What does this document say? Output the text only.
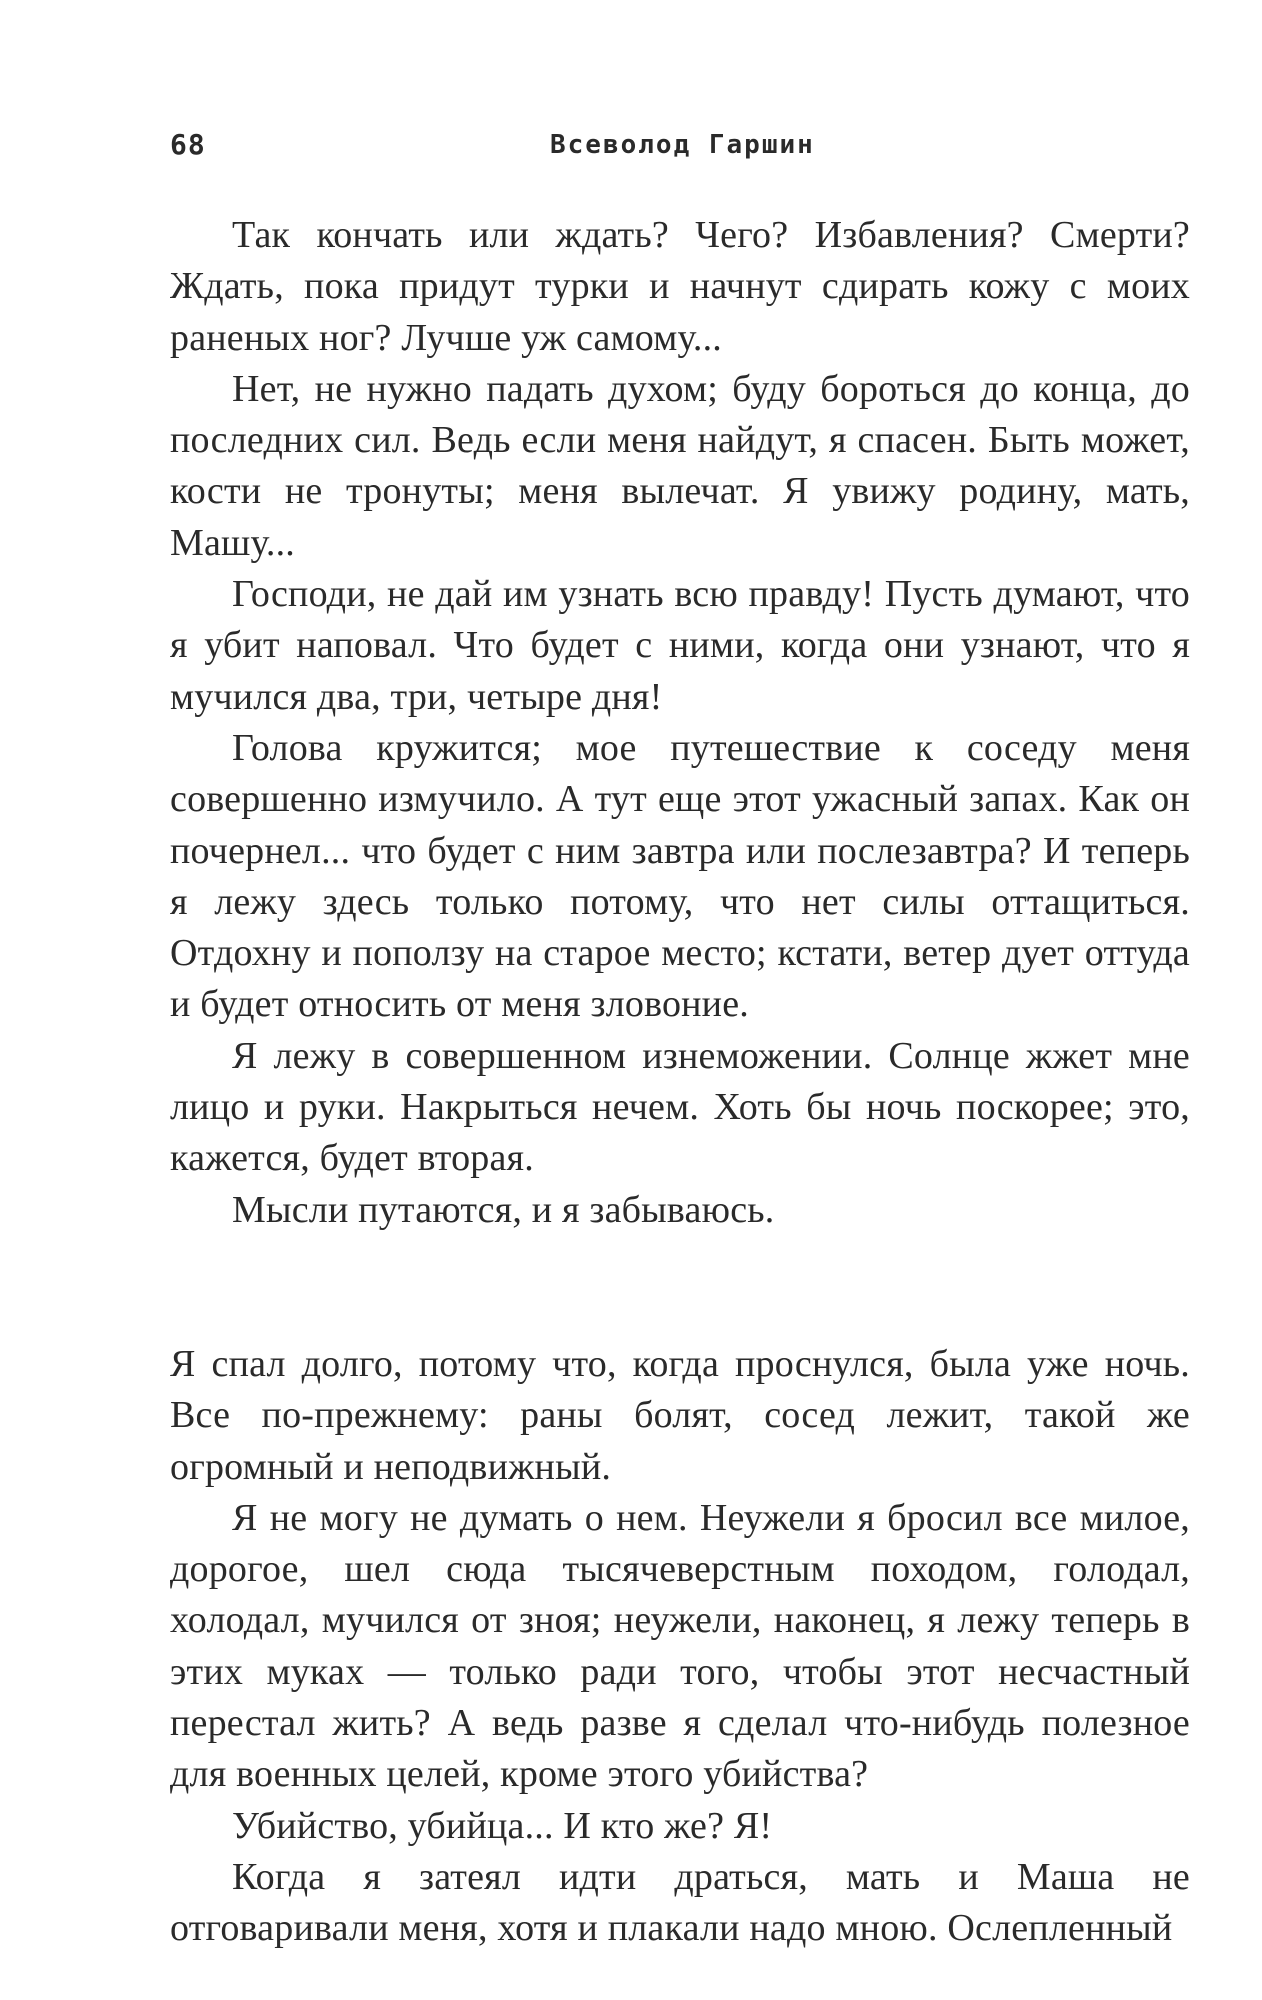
68	Всеволод Гаршин

Так кончать или ждать? Чего? Избавления? Смерти? Ждать, пока придут турки и начнут сдирать кожу с моих раненых ног? Лучше уж самому...

Нет, не нужно падать духом; буду бороться до конца, до последних сил. Ведь если меня найдут, я спасен. Быть может, кости не тронуты; меня вылечат. Я увижу родину, мать, Машу...

Господи, не дай им узнать всю правду! Пусть думают, что я убит наповал. Что будет с ними, когда они узнают, что я мучился два, три, четыре дня!

Голова кружится; мое путешествие к соседу меня совершенно измучило. А тут еще этот ужасный запах. Как он почернел... что будет с ним завтра или послезавтра? И теперь я лежу здесь только потому, что нет силы оттащиться. Отдохну и поползу на старое место; кстати, ветер дует оттуда и будет относить от меня зловоние.

Я лежу в совершенном изнеможении. Солнце жжет мне лицо и руки. Накрыться нечем. Хоть бы ночь поскорее; это, кажется, будет вторая.

Мысли путаются, и я забываюсь.

Я спал долго, потому что, когда проснулся, была уже ночь. Все по-прежнему: раны болят, сосед лежит, такой же огромный и неподвижный.

Я не могу не думать о нем. Неужели я бросил все милое, дорогое, шел сюда тысячеверстным походом, голодал, холодал, мучился от зноя; неужели, наконец, я лежу теперь в этих муках — только ради того, чтобы этот несчастный перестал жить? А ведь разве я сделал что-нибудь полезное для военных целей, кроме этого убийства?

Убийство, убийца... И кто же? Я!

Когда я затеял идти драться, мать и Маша не отговаривали меня, хотя и плакали надо мною. Ослепленный
